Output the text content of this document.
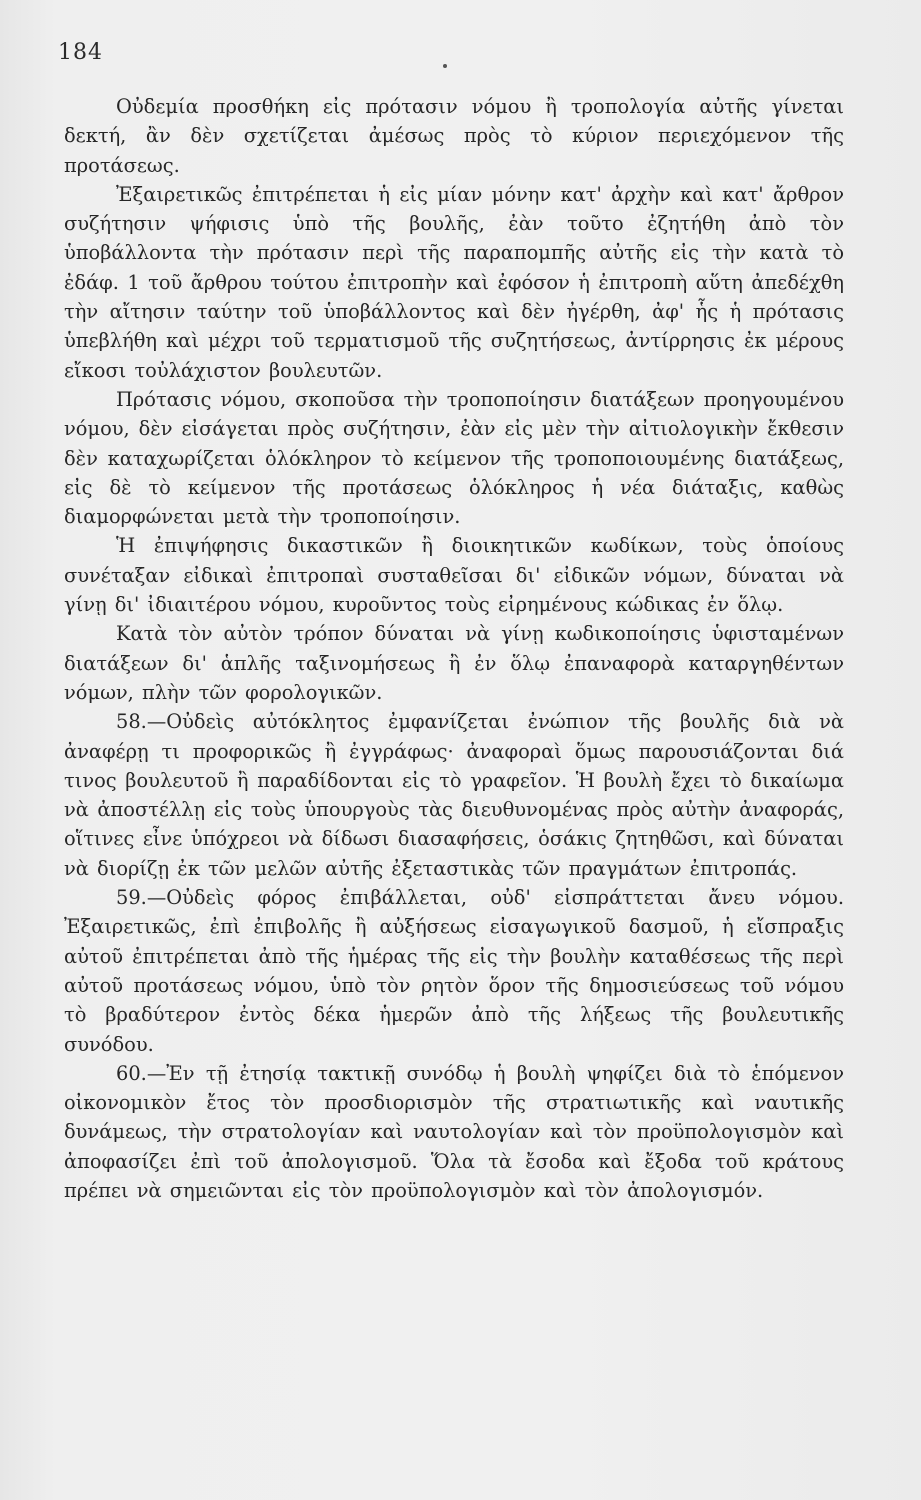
184

Οὐδεμία προσθήκη εἰς πρότασιν νόμου ἢ τροπολογία αὐτῆς γίνεται δεκτή, ἂν δὲν σχετίζεται ἀμέσως πρὸς τὸ κύριον περιεχόμενον τῆς προτάσεως.

Ἐξαιρετικῶς ἐπιτρέπεται ἡ εἰς μίαν μόνην κατ' ἀρχὴν καὶ κατ' ἄρθρον συζήτησιν ψήφισις ὑπὸ τῆς βουλῆς, ἐὰν τοῦτο ἐζητήθη ἀπὸ τὸν ὑποβάλλοντα τὴν πρότασιν περὶ τῆς παραπομπῆς αὐτῆς εἰς τὴν κατὰ τὸ ἐδάφ. 1 τοῦ ἄρθρου τούτου ἐπιτροπὴν καὶ ἐφόσον ἡ ἐπιτροπὴ αὕτη ἀπεδέχθη τὴν αἴτησιν ταύτην τοῦ ὑποβάλλοντος καὶ δὲν ἠγέρθη, ἀφ' ἧς ἡ πρότασις ὑπεβλήθη καὶ μέχρι τοῦ τερματισμοῦ τῆς συζητήσεως, ἀντίρρησις ἐκ μέρους εἴκοσι τοὐλάχιστον βουλευτῶν.

Πρότασις νόμου, σκοποῦσα τὴν τροποποίησιν διατάξεων προηγουμένου νόμου, δὲν εἰσάγεται πρὸς συζήτησιν, ἐὰν εἰς μὲν τὴν αἰτιολογικὴν ἔκθεσιν δὲν καταχωρίζεται ὁλόκληρον τὸ κείμενον τῆς τροποποιουμένης διατάξεως, εἰς δὲ τὸ κείμενον τῆς προτάσεως ὁλόκληρος ἡ νέα διάταξις, καθὼς διαμορφώνεται μετὰ τὴν τροποποίησιν.

Ἡ ἐπιψήφησις δικαστικῶν ἢ διοικητικῶν κωδίκων, τοὺς ὁποίους συνέταξαν εἰδικαὶ ἐπιτροπαὶ συσταθεῖσαι δι' εἰδικῶν νόμων, δύναται νὰ γίνῃ δι' ἰδιαιτέρου νόμου, κυροῦντος τοὺς εἰρημένους κώδικας ἐν ὅλῳ.

Κατὰ τὸν αὐτὸν τρόπον δύναται νὰ γίνῃ κωδικοποίησις ὑφισταμένων διατάξεων δι' ἁπλῆς ταξινομήσεως ἢ ἐν ὅλῳ ἐπαναφορὰ καταργηθέντων νόμων, πλὴν τῶν φορολογικῶν.

58.—Οὐδεὶς αὐτόκλητος ἐμφανίζεται ἐνώπιον τῆς βουλῆς διὰ νὰ ἀναφέρῃ τι προφορικῶς ἢ ἐγγράφως· ἀναφοραὶ ὅμως παρουσιάζονται διά τινος βουλευτοῦ ἢ παραδίδονται εἰς τὸ γραφεῖον. Ἡ βουλὴ ἔχει τὸ δικαίωμα νὰ ἀποστέλλῃ εἰς τοὺς ὑπουργοὺς τὰς διευθυνομένας πρὸς αὐτὴν ἀναφοράς, οἵτινες εἶνε ὑπόχρεοι νὰ δίδωσι διασαφήσεις, ὁσάκις ζητηθῶσι, καὶ δύναται νὰ διορίζῃ ἐκ τῶν μελῶν αὐτῆς ἐξεταστικὰς τῶν πραγμάτων ἐπιτροπάς.

59.—Οὐδεὶς φόρος ἐπιβάλλεται, οὐδ' εἰσπράττεται ἄνευ νόμου. Ἐξαιρετικῶς, ἐπὶ ἐπιβολῆς ἢ αὐξήσεως εἰσαγωγικοῦ δασμοῦ, ἡ εἴσπραξις αὐτοῦ ἐπιτρέπεται ἀπὸ τῆς ἡμέρας τῆς εἰς τὴν βουλὴν καταθέσεως τῆς περὶ αὐτοῦ προτάσεως νόμου, ὑπὸ τὸν ρητὸν ὅρον τῆς δημοσιεύσεως τοῦ νόμου τὸ βραδύτερον ἐντὸς δέκα ἡμερῶν ἀπὸ τῆς λήξεως τῆς βουλευτικῆς συνόδου.

60.—Ἐν τῇ ἐτησίᾳ τακτικῇ συνόδῳ ἡ βουλὴ ψηφίζει διὰ τὸ ἑπόμενον οἰκονομικὸν ἔτος τὸν προσδιορισμὸν τῆς στρατιωτικῆς καὶ ναυτικῆς δυνάμεως, τὴν στρατολογίαν καὶ ναυτολογίαν καὶ τὸν προϋπολογισμὸν καὶ ἀποφασίζει ἐπὶ τοῦ ἀπολογισμοῦ. Ὅλα τὰ ἔσοδα καὶ ἔξοδα τοῦ κράτους πρέπει νὰ σημειῶνται εἰς τὸν προϋπολογισμὸν καὶ τὸν ἀπολογισμόν.
